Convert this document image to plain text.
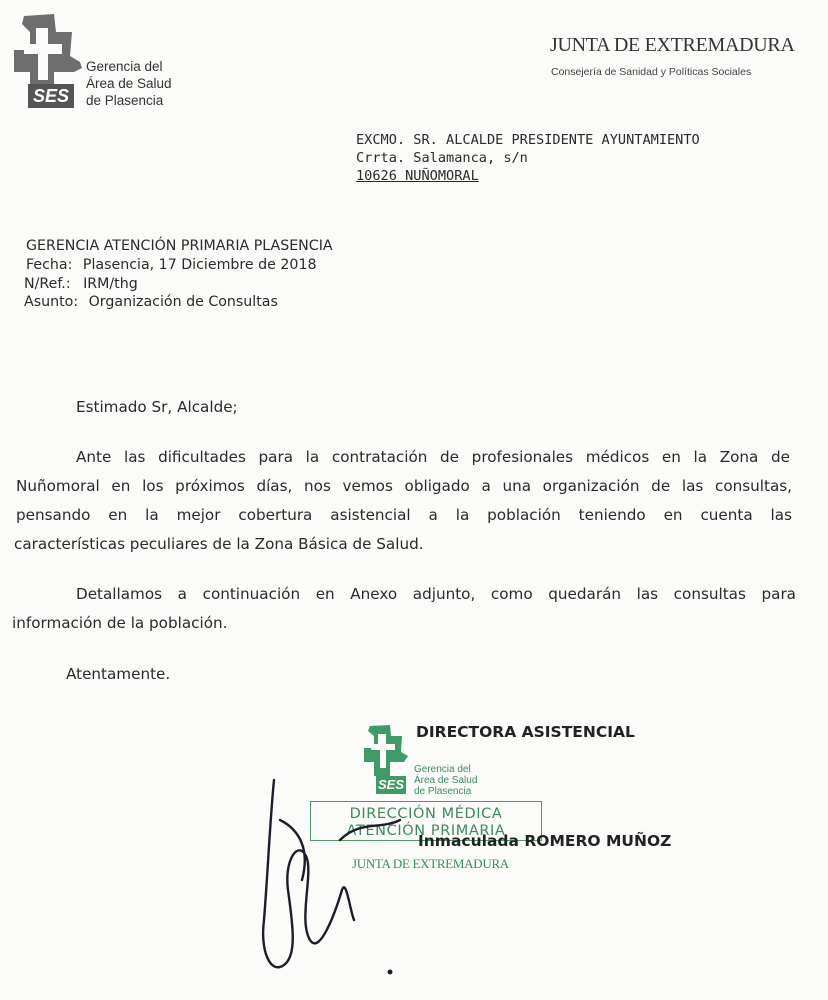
SES
Gerencia del
Área de Salud
de Plasencia
JUNTA DE EXTREMADURA
Consejería de Sanidad y Políticas Sociales
EXCMO. SR. ALCALDE PRESIDENTE AYUNTAMIENTO
Crrta. Salamanca, s/n
10626 NUÑOMORAL
GERENCIA ATENCIÓN PRIMARIA PLASENCIA
Fecha: Plasencia, 17 Diciembre de 2018
N/Ref.: IRM/thg
Asunto: Organización de Consultas
Estimado Sr, Alcalde;
Ante las dificultades para la contratación de profesionales médicos en la Zona de
Nuñomoral en los próximos días, nos vemos obligado a una organización de las consultas,
pensando en la mejor cobertura asistencial a la población teniendo en cuenta las
características peculiares de la Zona Básica de Salud.
Detallamos a continuación en Anexo adjunto, como quedarán las consultas para
información de la población.
Atentamente.
DIRECTORA ASISTENCIAL
SES
Gerencia del
Área de Salud
de Plasencia
DIRECCIÓN MÉDICA
ATENCIÓN PRIMARIA
Inmaculada ROMERO MUÑOZ
JUNTA DE EXTREMADURA
